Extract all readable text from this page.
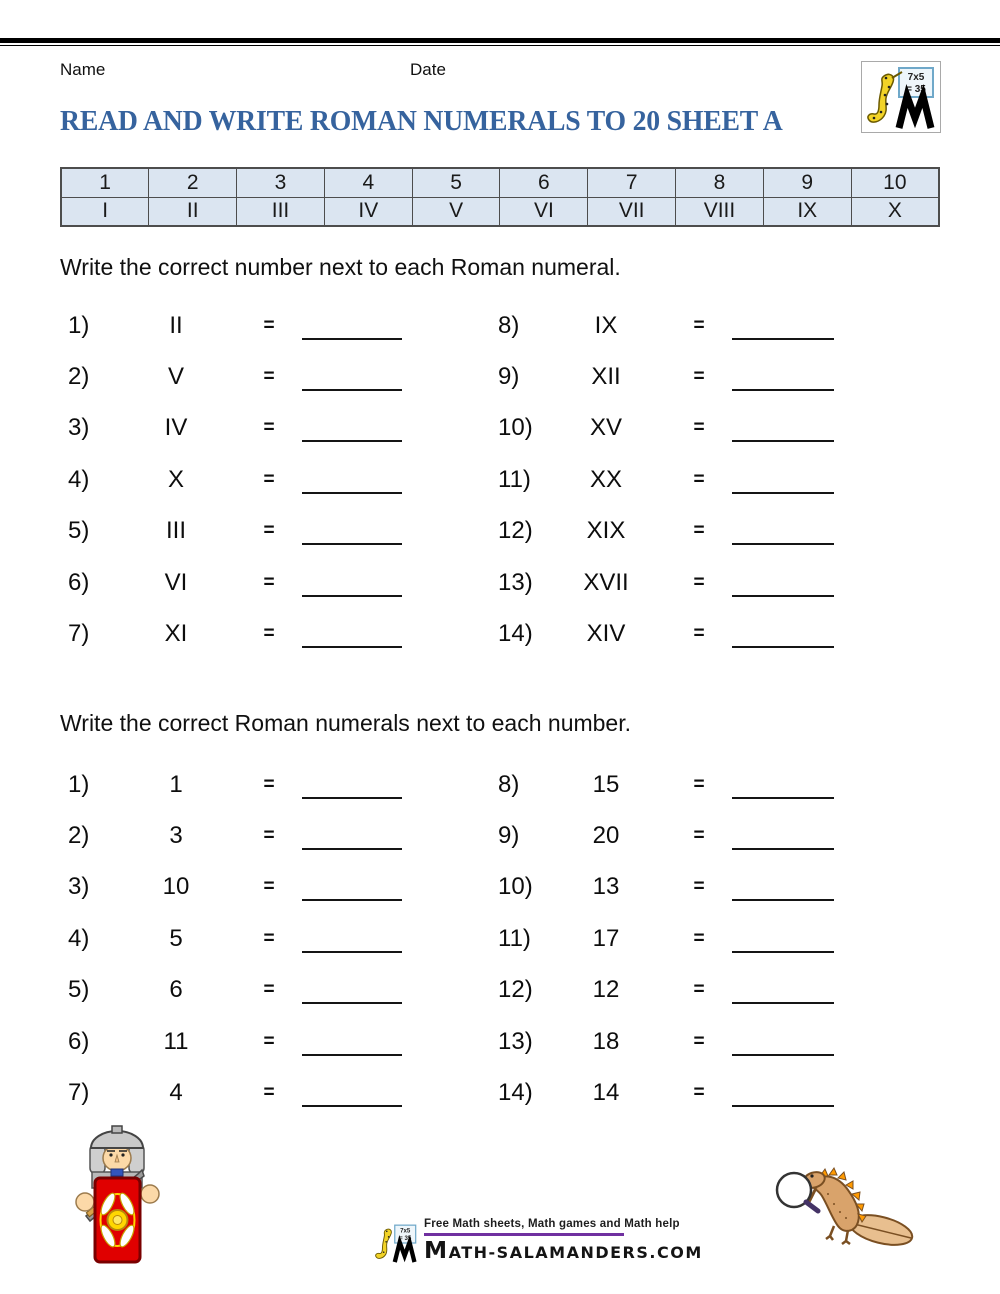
Name	Date	7x5
= 35
READ AND WRITE ROMAN NUMERALS TO 20 SHEET A
1	2	3	4	5	6	7	8	9	10
I	II	III	IV	V	VI	VII	VIII	IX	X
Write the correct number next to each Roman numeral.
1)	II	=
2)	V	=
3)	IV	=
4)	X	=
5)	III	=
6)	VI	=
7)	XI	=
8)	IX	=
9)	XII	=
10)	XV	=
11)	XX	=
12)	XIX	=
13)	XVII	=
14)	XIV	=
Write the correct Roman numerals next to each number.
1)	1	=
2)	3	=
3)	10	=
4)	5	=
5)	6	=
6)	11	=
7)	4	=
8)	15	=
9)	20	=
10)	13	=
11)	17	=
12)	12	=
13)	18	=
14)	14	=
7x5
= 35
Free Math sheets, Math games and Math help
MATH-SALAMANDERS.COM
